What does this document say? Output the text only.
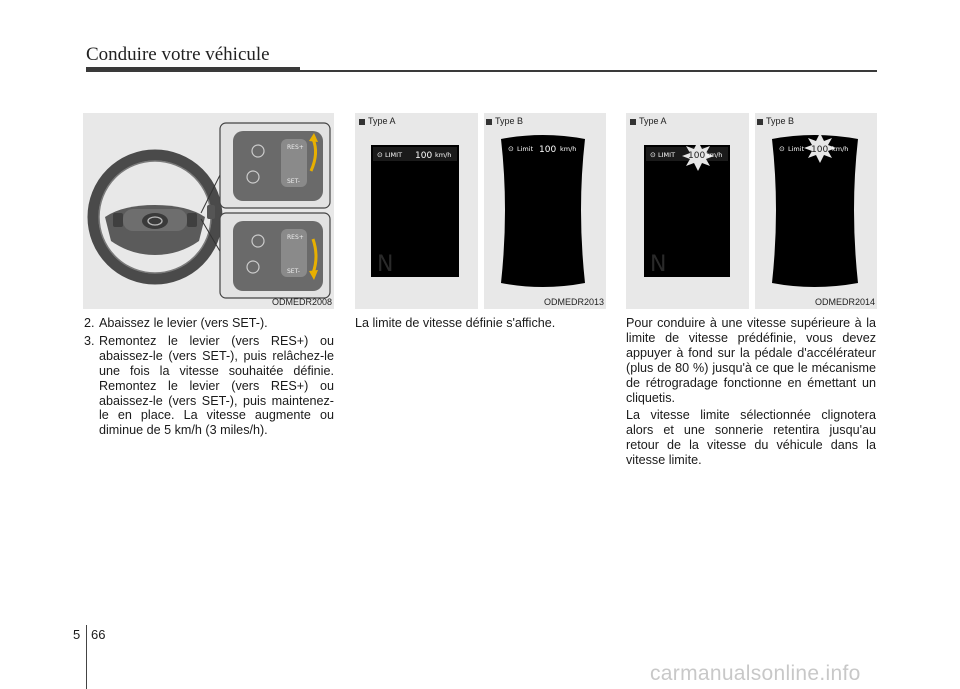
Conduire votre véhicule
RES+
SET-
RES+
SET-
ODMEDR2008
⊙ LIMIT 100 km/h
N
⊙ Limit 100 km/h
Type A	Type B
ODMEDR2013
⊙ LIMIT 100 km/h
N
⊙ Limit 100 km/h
Type A	Type B
ODMEDR2014
2. Abaissez le levier (vers SET-).
3. Remontez le levier (vers RES+) ou abaissez-le (vers SET-), puis relâchez-le une fois la vitesse souhaitée définie. Remontez le levier (vers RES+) ou abaissez-le (vers SET-), puis maintenez-le en place. La vitesse augmente ou diminue de 5 km/h (3 miles/h).

La limite de vitesse définie s'affiche.	Pour conduire à une vitesse supérieure à la limite de vitesse prédéfinie, vous devez appuyer à fond sur la pédale d'accélérateur (plus de 80 %) jusqu'à ce que le mécanisme de rétrogradage fonctionne en émettant un cliquetis.

La vitesse limite sélectionnée clignotera alors et une sonnerie retentira jusqu'au retour de la vitesse du véhicule dans la vitesse limite.

5 66
carmanualsonline.info
